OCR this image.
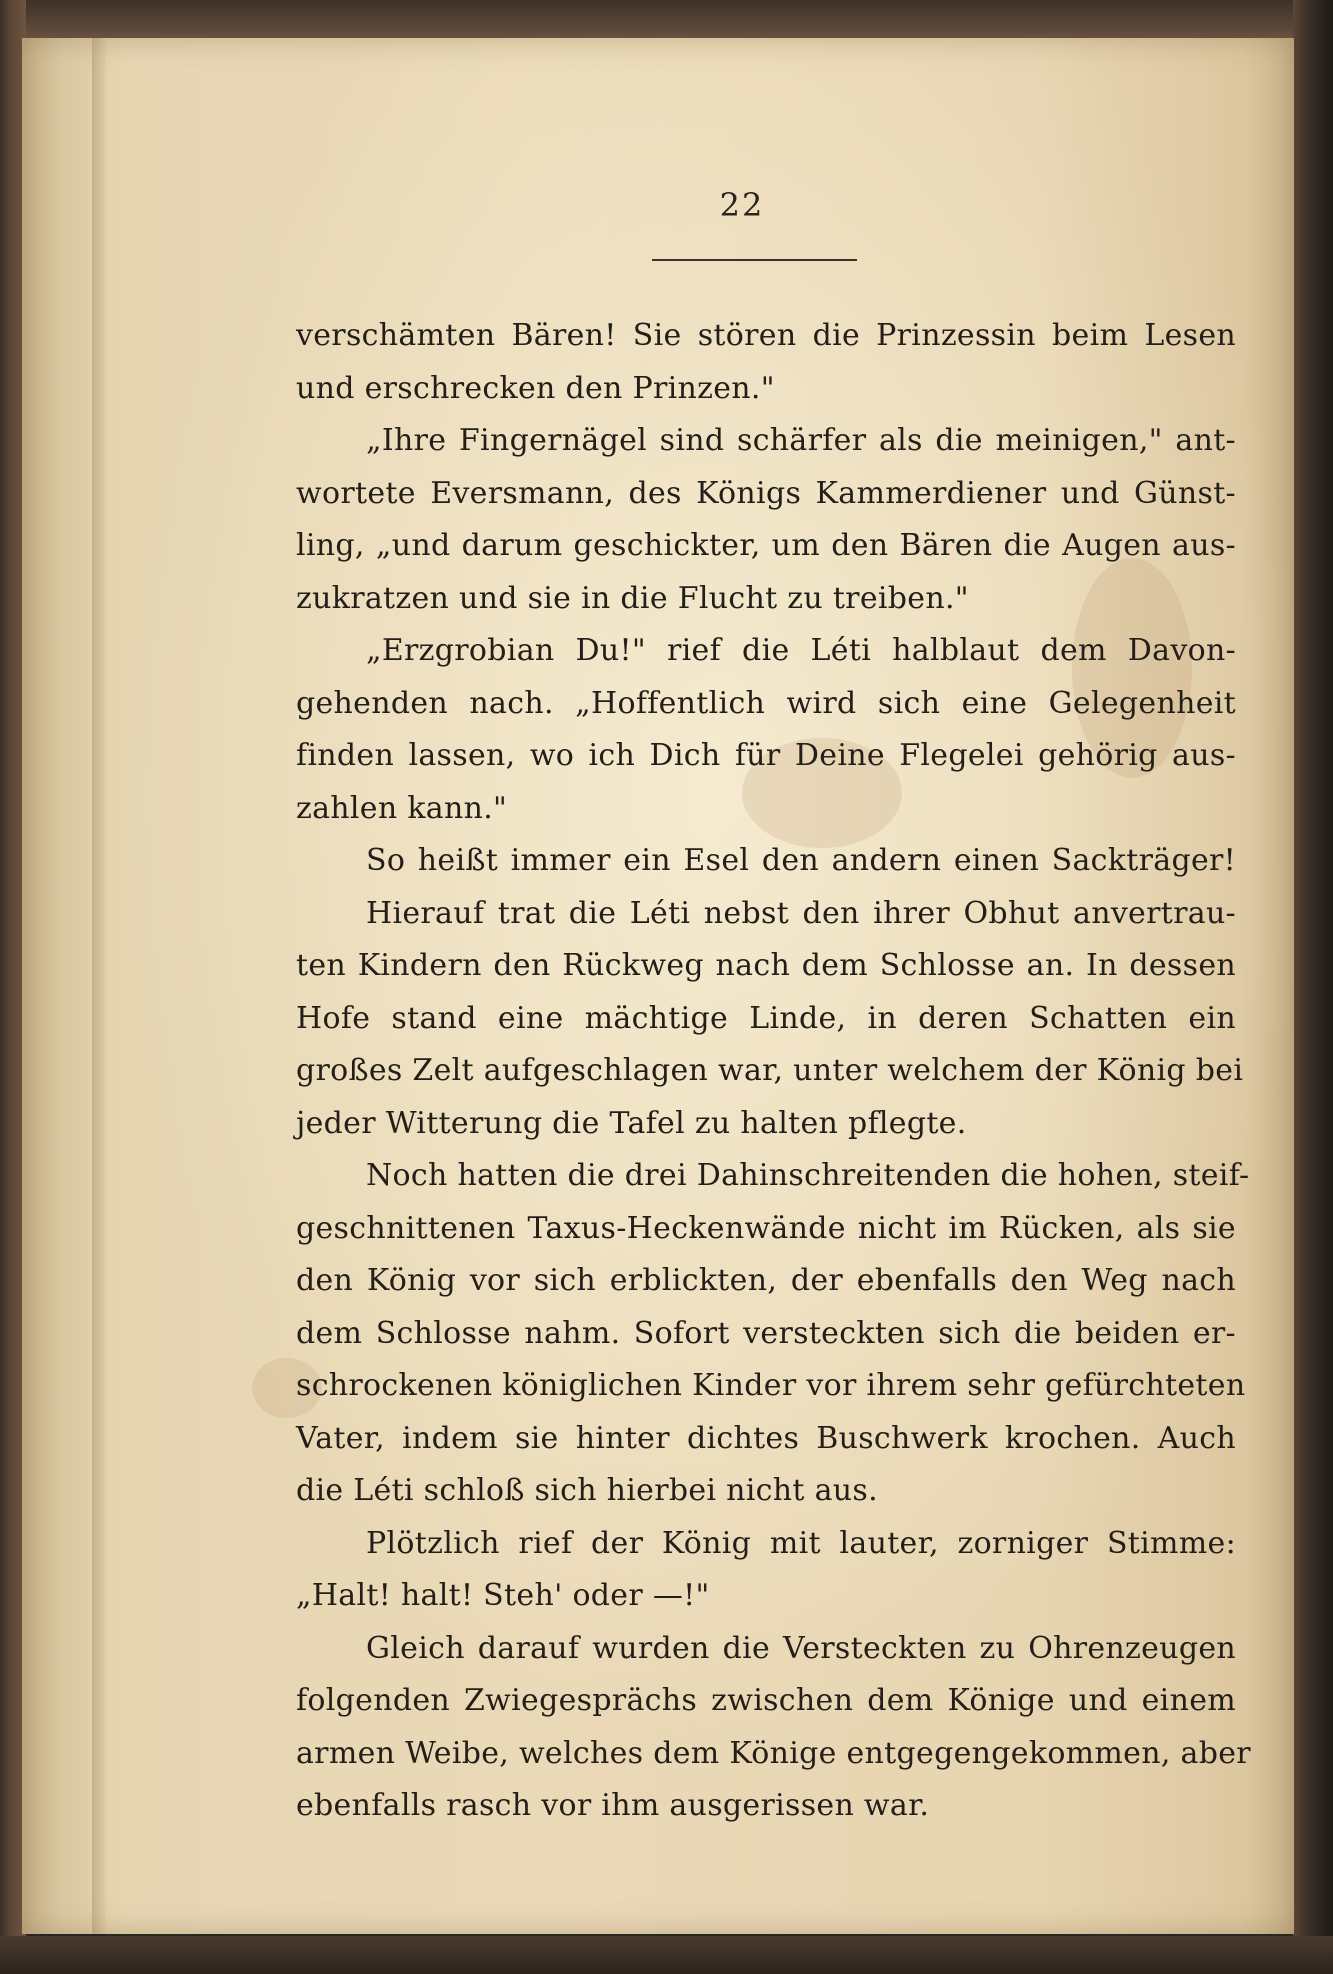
22
verschämten Bären! Sie stören die Prinzessin beim Lesen
und erschrecken den Prinzen."
„Ihre Fingernägel sind schärfer als die meinigen," ant-
wortete Eversmann, des Königs Kammerdiener und Günst-
ling, „und darum geschickter, um den Bären die Augen aus-
zukratzen und sie in die Flucht zu treiben."
„Erzgrobian Du!" rief die Léti halblaut dem Davon-
gehenden nach. „Hoffentlich wird sich eine Gelegenheit
finden lassen, wo ich Dich für Deine Flegelei gehörig aus-
zahlen kann."
So heißt immer ein Esel den andern einen Sackträger!
Hierauf trat die Léti nebst den ihrer Obhut anvertrau-
ten Kindern den Rückweg nach dem Schlosse an. In dessen
Hofe stand eine mächtige Linde, in deren Schatten ein
großes Zelt aufgeschlagen war, unter welchem der König bei
jeder Witterung die Tafel zu halten pflegte.
Noch hatten die drei Dahinschreitenden die hohen, steif-
geschnittenen Taxus-Heckenwände nicht im Rücken, als sie
den König vor sich erblickten, der ebenfalls den Weg nach
dem Schlosse nahm. Sofort versteckten sich die beiden er-
schrockenen königlichen Kinder vor ihrem sehr gefürchteten
Vater, indem sie hinter dichtes Buschwerk krochen. Auch
die Léti schloß sich hierbei nicht aus.
Plötzlich rief der König mit lauter, zorniger Stimme:
„Halt! halt! Steh' oder —!"
Gleich darauf wurden die Versteckten zu Ohrenzeugen
folgenden Zwiegesprächs zwischen dem Könige und einem
armen Weibe, welches dem Könige entgegengekommen, aber
ebenfalls rasch vor ihm ausgerissen war.
